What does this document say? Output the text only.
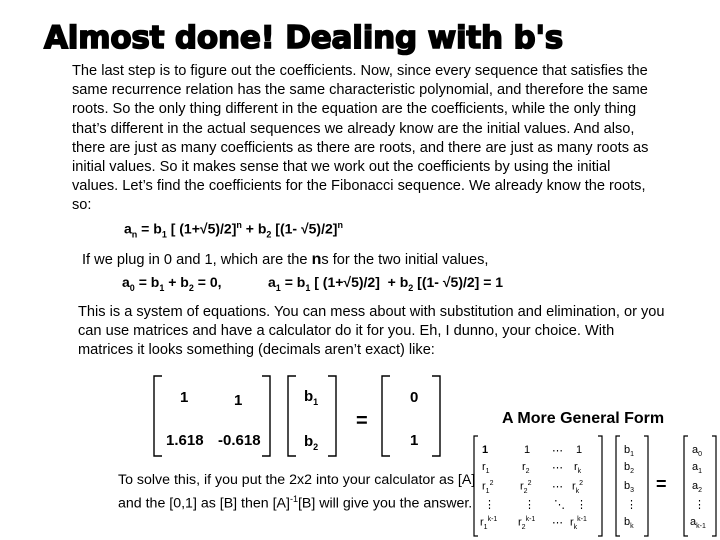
Almost done! Dealing with b's
The last step is to figure out the coefficients. Now, since every sequence that satisfies the same recurrence relation has the same characteristic polynomial, and therefore the same roots. So the only thing different in the equation are the coefficients, while the only thing that’s different in the actual sequences we already know are the initial values. And also, there are just as many coefficients as there are roots, and there are just as many roots as initial values. So it makes sense that we work out the coefficients by using the initial values. Let’s find the coefficients for the Fibonacci sequence. We already know the roots, so:
$a_n = b_1$ [ $(1+√5)/2]^n + b_2$ [(1- √5)/2]$^n$
If we plug in 0 and 1, which are the ns for the two initial values,
$a_0 = b_1 + b_2 = 0$,	$a_1 = b_1$ [ $(1+√5)/2] + b_2$ [(1- √5)/2] = 1
This is a system of equations. You can mess about with substitution and elimination, or you can use matrices and have a calculator do it for you. Eh, I dunno, your choice. With matrices it looks something (decimals aren’t exact) like:
1	1
1.618 -0.618
$b_1$
$b_2$
=
0
1
To solve this, if you put the 2x2 into your calculator as [A] and the [0,1] as [B] then $[A]^{-1}[B]$ will give you the answer.
A More General Form
1
$r_1$
$r_1^2$
⋮
$r_1^{k-1}$
1
$r_2$
$r_2^2$
⋮
$r_2^{k-1}$
⋯
⋯
⋯
⋱
⋯
1
$r_k$
$r_k^2$
⋮
$r_k^{k-1}$
$b_1$
$b_2$
$b_3$
⋮
$b_k$
=
$a_0$
$a_1$
$a_2$
⋮
$a_{k-1}$
